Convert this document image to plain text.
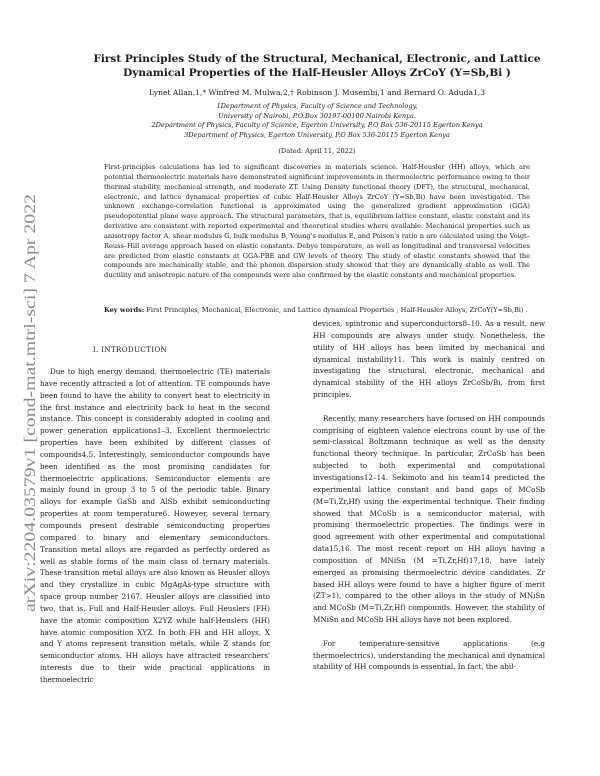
arXiv:2204.03579v1 [cond-mat.mtrl-sci] 7 Apr 2022
First Principles Study of the Structural, Mechanical, Electronic, and Lattice
Dynamical Properties of the Half-Heusler Alloys ZrCoY (Y=Sb,Bi )
Lynet Allan,1,* Winfred M. Mulwa,2,† Robinson J. Musembi,1 and Bernard O. Aduda1,3
1Department of Physics, Faculty of Science and Technology,
University of Nairobi, P.O.Box 30197-00100 Nairobi Kenya.
2Department of Physics, Faculty of Science, Egerton University, P.O Box 536-20115 Egerton Kenya
3Department of Physics, Egerton University, P.O Box 536-20115 Egerton Kenya
(Dated: April 11, 2022)
First-principles calculations has led to significant discoveries in materials science. Half-Heusler (HH) alloys, which are potential thermoelectric materials have demonstrated significant improvements in thermoelectric performance owing to their thermal stability, mechanical strength, and moderate ZT. Using Density functional theory (DFT), the structural, mechanical, electronic, and lattice dynamical properties of cubic Half-Heusler Alloys ZrCoY (Y=Sb,Bi) have been investigated. The unknown exchange-correlation functional is approximated using the generalized gradient approximation (GGA) pseudopotential plane wave approach. The structural parameters, that is, equilibrium lattice constant, elastic constant and its derivative are consistent with reported experimental and theoretical studies where available. Mechanical properties such as anisotropy factor A, shear modulus G, bulk modulus B, Young's modulus E, and Poison's ratio n are calculated using the Voigt–Reuss–Hill average approach based on elastic constants. Debye temperature, as well as longitudinal and transversal velocities are predicted from elastic constants at GGA-PBE and GW levels of theory. The study of elastic constants showed that the compounds are mechanically stable, and the phonon dispersion study showed that they are dynamically stable as well. The ductility and anisotropic nature of the compounds were also confirmed by the elastic constants and mechanical properties.
Key words: First Principles, Mechanical, Electronic, and Lattice dynamical Properties , Half-Heusler Alloys, ZrCoY(Y=Sb,Bi) .
I. INTRODUCTION

Due to high energy demand, thermoelectric (TE) materials have recently attracted a lot of attention. TE compounds have been found to have the ability to convert heat to electricity in the first instance and electricity back to heat in the second instance. This concept is considerably adopted in cooling and power generation applications1–3. Excellent thermoelectric properties have been exhibited by different classes of compounds4,5. Interestingly, semiconductor compounds have been identified as the most promising candidates for thermoelectric applications. Semiconductor elements are mainly found in group 3 to 5 of the periodic table. Binary alloys for example GaSb and AlSb exhibit semiconducting properties at room temperature6. However, several ternary compounds present desirable semiconducting properties compared to binary and elementary semiconductors. Transition metal alloys are regarded as perfectly ordered as well as stable forms of the main class of ternary materials. These transition metal alloys are also known as Heusler alloys and they crystallize in cubic MgAgAs-type structure with space group number 2167. Heusler alloys are classified into two, that is, Full and Half-Heusler alloys. Full Heuslers (FH) have the atomic composition X2YZ while half-Heuslers (HH) have atomic composition XYZ. In both FH and HH alloys, X and Y atoms represent transition metals, while Z stands for semiconductor atoms. HH alloys have attracted researchers' interests due to their wide practical applications in thermoelectric

devices, spintronic and superconductors8–10. As a result, new HH compounds are always under study. Nonetheless, the utility of HH alloys has been limited by mechanical and dynamical instability11. This work is mainly centred on investigating the structural, electronic, mechanical and dynamical stability of the HH alloys ZrCoSb/Bi, from first principles.

Recently, many researchers have focused on HH compounds comprising of eighteen valence electrons count by use of the semi-classical Boltzmann technique as well as the density functional theory technique. In particular, ZrCoSb has been subjected to both experimental and computational investigations12–14. Sekimoto and his team14 predicted the experimental lattice constant and band gaps of MCoSb (M=Ti,Zr,Hf) using the experimental technique. Their finding showed that MCoSb is a semiconductor material, with promising thermoelectric properties. The findings were in good agreement with other experimental and computational data15,16. The most recent report on HH alloys having a composition of MNiSn (M =Ti,Zr,Hf)17,18, have lately emerged as promising thermoelectric device candidates. Zr based HH alloys were found to have a higher figure of merit (ZT>1), compared to the other alloys in the study of MNiSn and MCoSb (M=Ti,Zr,Hf) compounds. However, the stability of MNiSn and MCoSb HH alloys have not been explored.

For temperature-sensitive applications (e.g thermoelectrics), understanding the mechanical and dynamical stability of HH compounds is essential. In fact, the abil-
